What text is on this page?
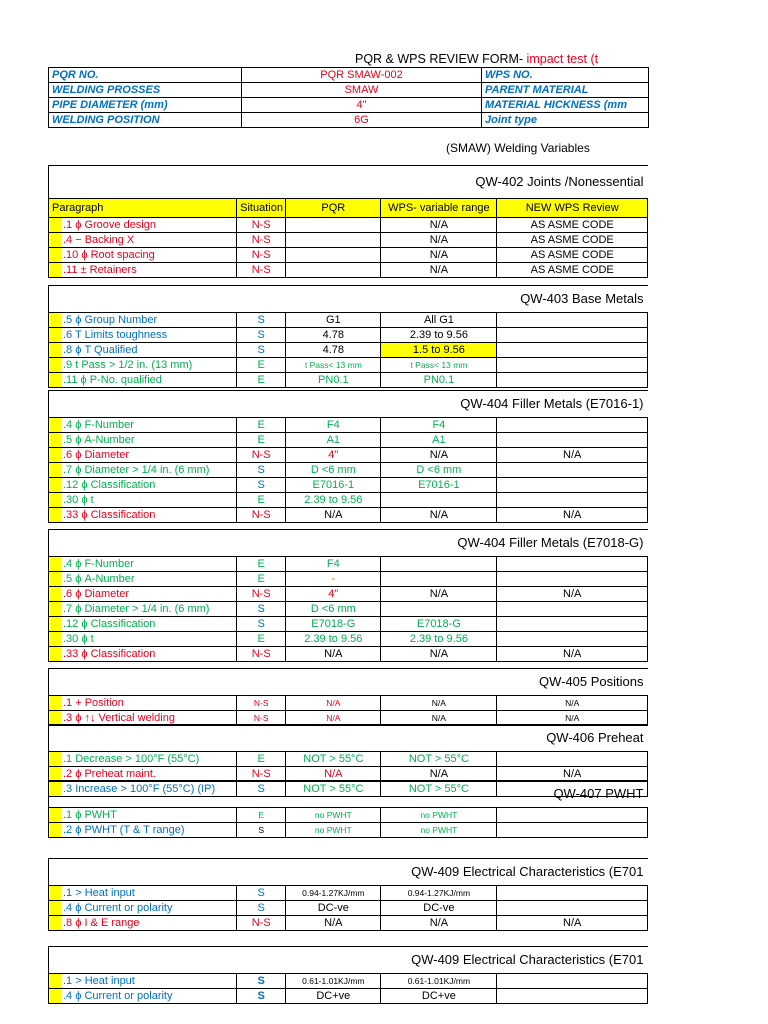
PQR & WPS REVIEW FORM- impact test (t
PQR NO.	PQR SMAW-002	WPS NO.
WELDING PROSSES	SMAW	PARENT MATERIAL
PIPE DIAMETER (mm)	4"	MATERIAL HICKNESS (mm
WELDING POSITION	6G	Joint type
(SMAW) Welding Variables
QW-402 Joints /Nonessential				
Paragraph	Situation	PQR	WPS- variable range	NEW WPS Review
.1 ϕ Groove design	N-S		N/A	AS ASME CODE
.4 − Backing X	N-S		N/A	AS ASME CODE
.10 ϕ Root spacing	N-S		N/A	AS ASME CODE
.11 ± Retainers	N-S		N/A	AS ASME CODE
QW-403 Base Metals				
.5 ϕ Group Number	S	G1	All G1	
.6 T Limits toughness	S	4.78	2.39 to 9.56	
.8 ϕ T Qualified	S	4.78	1.5 to 9.56	
.9 t Pass > 1/2 in. (13 mm)	E	t Pass< 13 mm	t Pass< 13 mm	
.11 ϕ P-No. qualified	E	PN0.1	PN0.1	
QW-404 Filler Metals (E7016-1)				
.4 ϕ F-Number	E	F4	F4	
.5 ϕ A-Number	E	A1	A1	
.6 ϕ Diameter	N-S	4"	N/A	N/A
.7 ϕ Diameter > 1/4 in. (6 mm)	S	D <6 mm	D <6 mm	
.12 ϕ Classification	S	E7016-1	E7016-1	
.30 ϕ t	E	2.39 to 9.56		
.33 ϕ Classification	N-S	N/A	N/A	N/A
QW-404 Filler Metals (E7018-G)				
.4 ϕ F-Number	E	F4		
.5 ϕ A-Number	E	-		
.6 ϕ Diameter	N-S	4"	N/A	N/A
.7 ϕ Diameter > 1/4 in. (6 mm)	S	D <6 mm		
.12 ϕ Classification	S	E7018-G	E7018-G	
.30 ϕ t	E	2.39 to 9.56	2.39 to 9.56	
.33 ϕ Classification	N-S	N/A	N/A	N/A
QW-405 Positions				
.1 + Position	N-S	N/A	N/A	N/A
.3 ϕ ↑↓ Vertical welding	N-S	N/A	N/A	N/A
QW-406 Preheat				
.1 Decrease > 100°F (55°C)	E	NOT > 55°C	NOT > 55°C	
.2 ϕ Preheat maint.	N-S	N/A	N/A	N/A
.3 Increase > 100°F (55°C) (IP)	S	NOT > 55°C	NOT > 55°C		QW-407 PWHT				
.1 ϕ PWHT	E	no PWHT	no PWHT	
.2 ϕ PWHT (T & T range)	S	no PWHT	no PWHT	
QW-409 Electrical Characteristics (E701				
.1 > Heat input	S	0.94-1.27KJ/mm	0.94-1.27KJ/mm	
.4 ϕ Current or polarity	S	DC-ve	DC-ve	
.8 ϕ I & E range	N-S	N/A	N/A	N/A
QW-409 Electrical Characteristics (E701				
.1 > Heat input	S	0.61-1.01KJ/mm	0.61-1.01KJ/mm	
.4 ϕ Current or polarity	S	DC+ve	DC+ve	
